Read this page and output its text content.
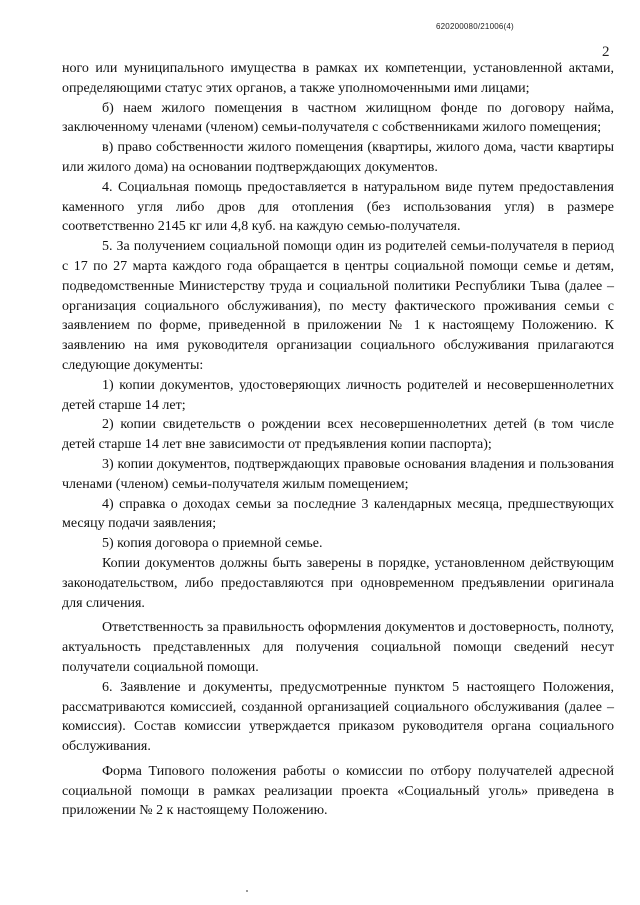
620200080/21006(4)
2

ного или муниципального имущества в рамках их компетенции, установленной актами, определяющими статус этих органов, а также уполномоченными ими лицами;

б) наем жилого помещения в частном жилищном фонде по договору найма, заключенному членами (членом) семьи-получателя с собственниками жилого помещения;

в) право собственности жилого помещения (квартиры, жилого дома, части квартиры или жилого дома) на основании подтверждающих документов.

4. Социальная помощь предоставляется в натуральном виде путем предоставления каменного угля либо дров для отопления (без использования угля) в размере соответственно 2145 кг или 4,8 куб. на каждую семью-получателя.

5. За получением социальной помощи один из родителей семьи-получателя в период с 17 по 27 марта каждого года обращается в центры социальной помощи семье и детям, подведомственные Министерству труда и социальной политики Республики Тыва (далее – организация социального обслуживания), по месту фактического проживания семьи с заявлением по форме, приведенной в приложении № 1 к настоящему Положению. К заявлению на имя руководителя организации социального обслуживания прилагаются следующие документы:

1) копии документов, удостоверяющих личность родителей и несовершеннолетних детей старше 14 лет;

2) копии свидетельств о рождении всех несовершеннолетних детей (в том числе детей старше 14 лет вне зависимости от предъявления копии паспорта);

3) копии документов, подтверждающих правовые основания владения и пользования членами (членом) семьи-получателя жилым помещением;

4) справка о доходах семьи за последние 3 календарных месяца, предшествующих месяцу подачи заявления;

5) копия договора о приемной семье.

Копии документов должны быть заверены в порядке, установленном действующим законодательством, либо предоставляются при одновременном предъявлении оригинала для сличения.

Ответственность за правильность оформления документов и достоверность, полноту, актуальность представленных для получения социальной помощи сведений несут получатели социальной помощи.

6. Заявление и документы, предусмотренные пунктом 5 настоящего Положения, рассматриваются комиссией, созданной организацией социального обслуживания (далее – комиссия). Состав комиссии утверждается приказом руководителя органа социального обслуживания.

Форма Типового положения работы о комиссии по отбору получателей адресной социальной помощи в рамках реализации проекта «Социальный уголь» приведена в приложении № 2 к настоящему Положению.
